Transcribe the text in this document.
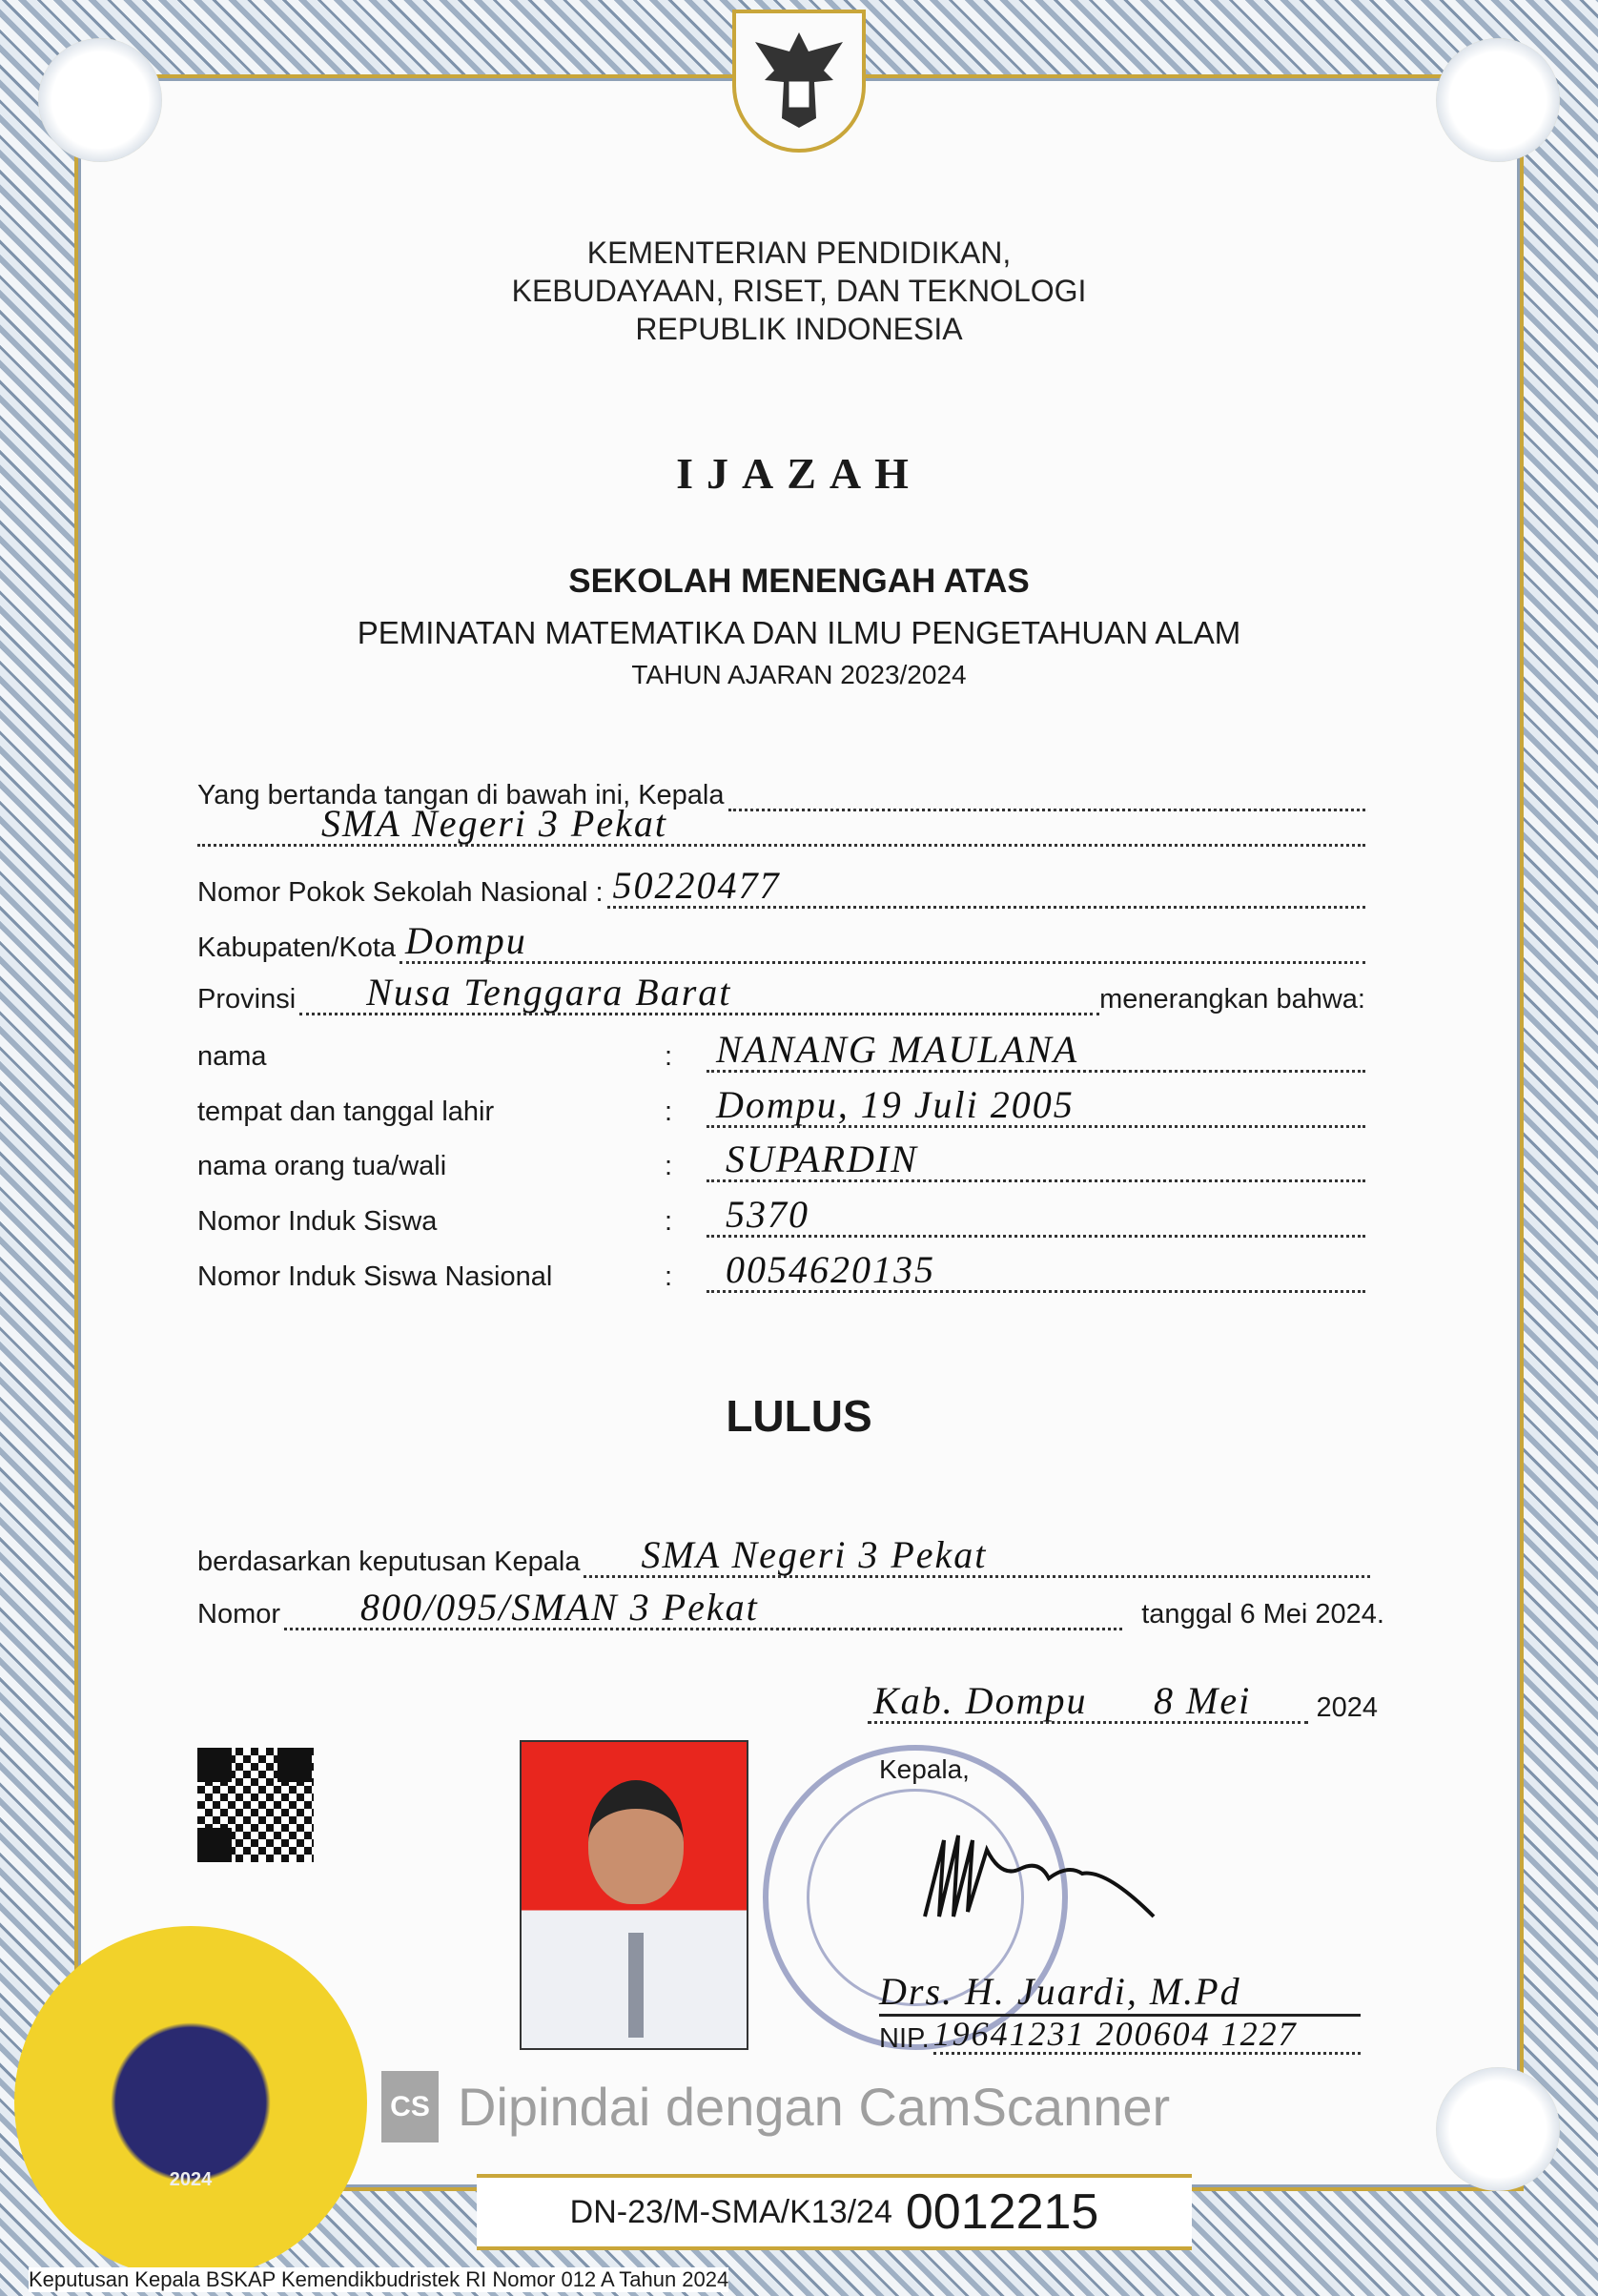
KEMENTERIAN PENDIDIKAN,
KEBUDAYAAN, RISET, DAN TEKNOLOGI
REPUBLIK INDONESIA
IJAZAH
SEKOLAH MENENGAH ATAS
PEMINATAN MATEMATIKA DAN ILMU PENGETAHUAN ALAM
TAHUN AJARAN 2023/2024
Yang bertanda tangan di bawah ini, Kepala
SMA Negeri 3 Pekat
Nomor Pokok Sekolah Nasional : 50220477
Kabupaten/Kota Dompu
Provinsi Nusa Tenggara Barat	menerangkan bahwa:
nama	:	NANANG MAULANA
tempat dan tanggal lahir	:	Dompu, 19 Juli 2005
nama orang tua/wali	:	SUPARDIN
Nomor Induk Siswa	:	5370
Nomor Induk Siswa Nasional	:	0054620135
LULUS
berdasarkan keputusan Kepala SMA Negeri 3 Pekat
Nomor 800/095/SMAN 3 Pekat	tanggal 6 Mei 2024.
Kab. Dompu 8 Mei 2024
Kepala,
Drs. H. Juardi, M.Pd
NIP. 19641231 200604 1227
2024
DN-23/M-SMA/K13/24 0012215
CS Dipindai dengan CamScanner
Keputusan Kepala BSKAP Kemendikbudristek RI Nomor 012 A Tahun 2024
